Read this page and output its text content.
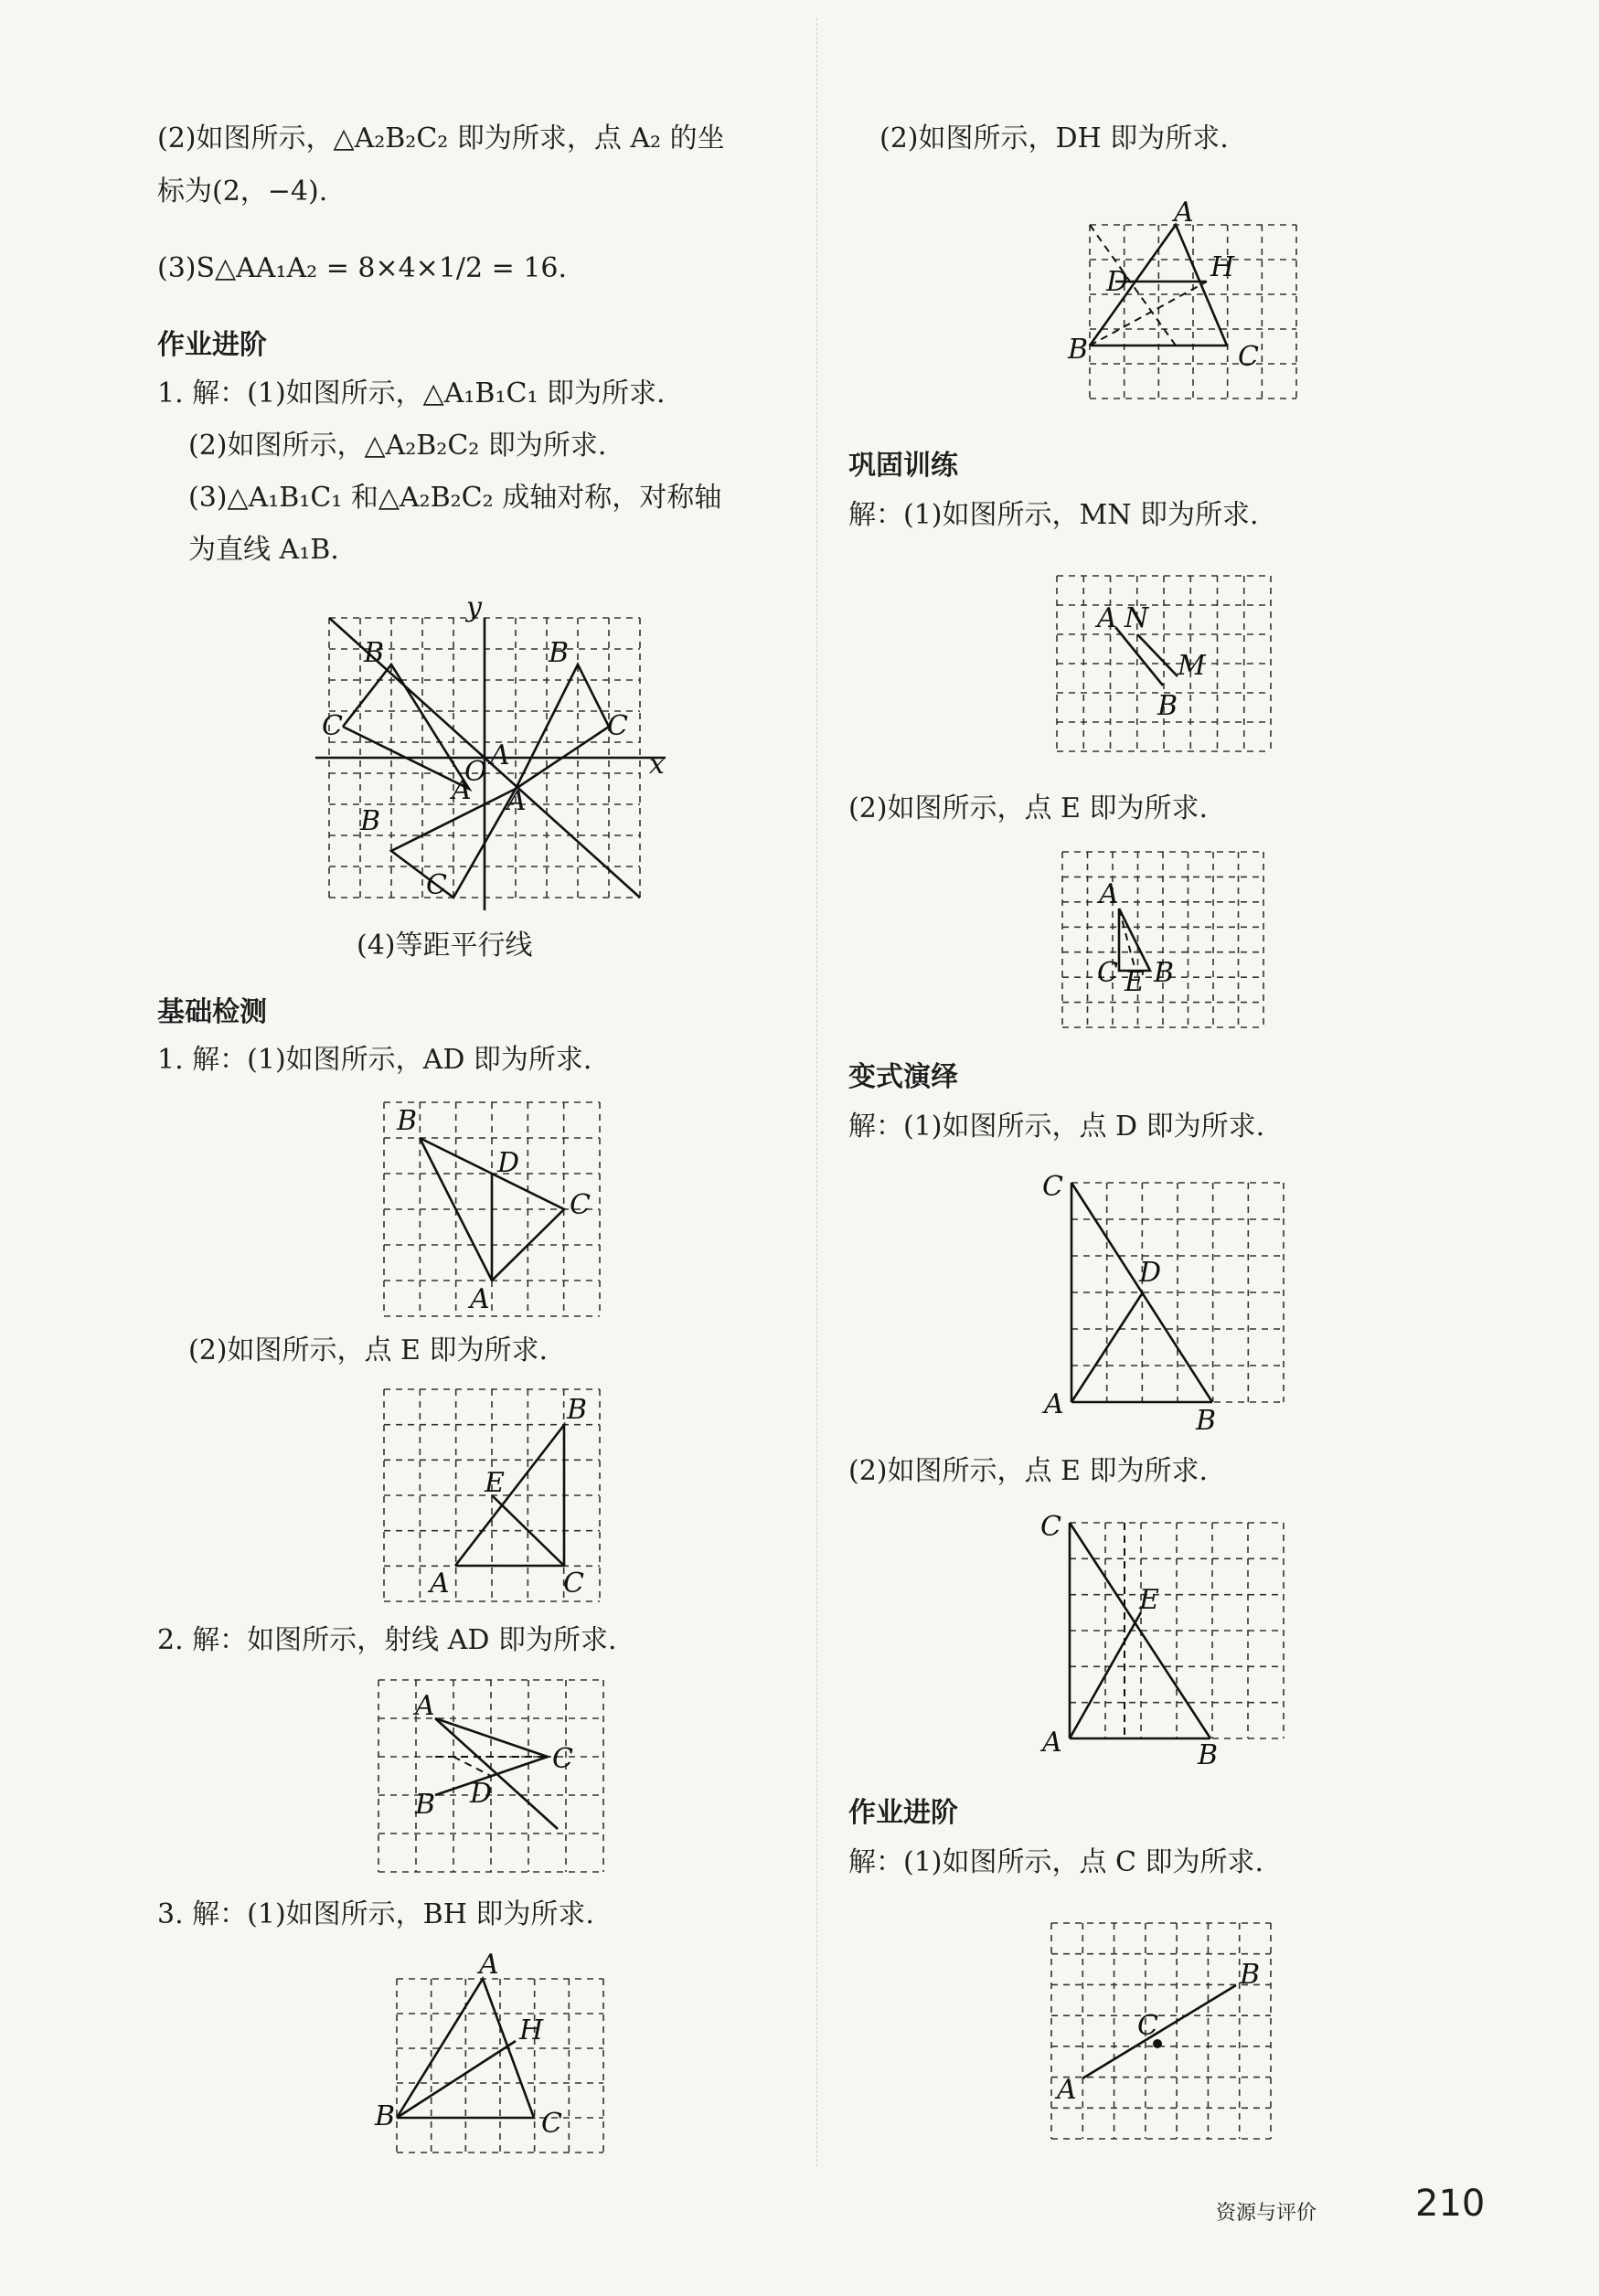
(2)如图所示，△A₂B₂C₂ 即为所求，点 A₂ 的坐
标为(2，−4).
(3)S△AA₁A₂ = 8×4×1/2 = 16.
作业进阶
1. 解：(1)如图所示，△A₁B₁C₁ 即为所求.
(2)如图所示，△A₂B₂C₂ 即为所求.
(3)△A₁B₁C₁ 和△A₂B₂C₂ 成轴对称，对称轴
为直线 A₁B.
(4)等距平行线
基础检测
1. 解：(1)如图所示，AD 即为所求.
(2)如图所示，点 E 即为所求.
2. 解：如图所示，射线 AD 即为所求.
3. 解：(1)如图所示，BH 即为所求.
(2)如图所示，DH 即为所求.
巩固训练
解：(1)如图所示，MN 即为所求.
(2)如图所示，点 E 即为所求.
变式演绎
解：(1)如图所示，点 D 即为所求.
(2)如图所示，点 E 即为所求.
作业进阶
解：(1)如图所示，点 C 即为所求.
B
C
B
C
O
A
A
A
B
C
x
y
B
D
C
A
B
E
A	C
A
C
B D
B
A
H
C
A
D	H
B	C
A N
M
B
A
C E B
C
D
A
B
C
E
A	B
B
C
A
资源与评价	210
